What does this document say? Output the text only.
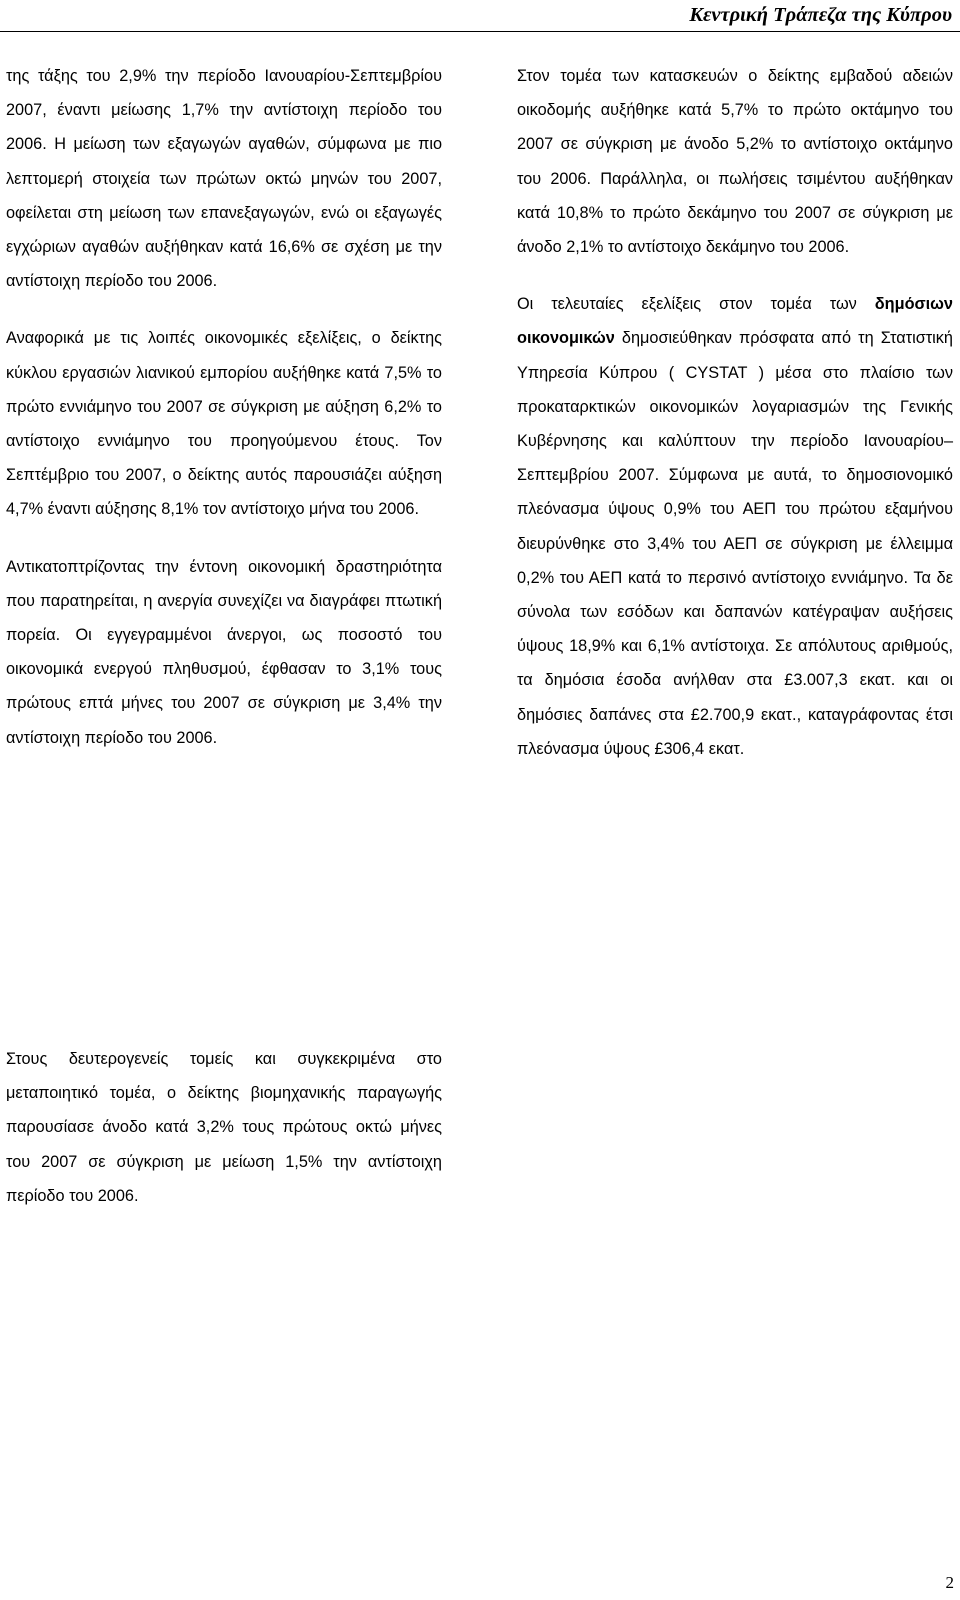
Κεντρική Τράπεζα της Κύπρου

της τάξης του 2,9% την περίοδο Ιανουαρίου-Σεπτεμβρίου 2007, έναντι μείωσης 1,7% την αντίστοιχη περίοδο του 2006. Η μείωση των εξαγωγών αγαθών, σύμφωνα με πιο λεπτομερή στοιχεία των πρώτων οκτώ μηνών του 2007, οφείλεται στη μείωση των επανεξαγωγών, ενώ οι εξαγωγές εγχώριων αγαθών αυξήθηκαν κατά 16,6% σε σχέση με την αντίστοιχη περίοδο του 2006.

Αναφορικά με τις λοιπές οικονομικές εξελίξεις, ο δείκτης κύκλου εργασιών λιανικού εμπορίου αυξήθηκε κατά 7,5% το πρώτο εννιάμηνο του 2007 σε σύγκριση με αύξηση 6,2% το αντίστοιχο εννιάμηνο του προηγούμενου έτους. Τον Σεπτέμβριο του 2007, ο δείκτης αυτός παρουσιάζει αύξηση 4,7% έναντι αύξησης 8,1% τον αντίστοιχο μήνα του 2006.

Αντικατοπτρίζοντας την έντονη οικονομική δραστηριότητα που παρατηρείται, η ανεργία συνεχίζει να διαγράφει πτωτική πορεία. Οι εγγεγραμμένοι άνεργοι, ως ποσοστό του οικονομικά ενεργού πληθυσμού, έφθασαν το 3,1% τους πρώτους επτά μήνες του 2007 σε σύγκριση με 3,4% την αντίστοιχη περίοδο του 2006.

Στον τομέα των κατασκευών ο δείκτης εμβαδού αδειών οικοδομής αυξήθηκε κατά 5,7% το πρώτο οκτάμηνο του 2007 σε σύγκριση με άνοδο 5,2% το αντίστοιχο οκτάμηνο του 2006. Παράλληλα, οι πωλήσεις τσιμέντου αυξήθηκαν κατά 10,8% το πρώτο δεκάμηνο του 2007 σε σύγκριση με άνοδο 2,1% το αντίστοιχο δεκάμηνο του 2006.

Οι τελευταίες εξελίξεις στον τομέα των δημόσιων οικονομικών δημοσιεύθηκαν πρόσφατα από τη Στατιστική Υπηρεσία Κύπρου ( CYSTAT ) μέσα στο πλαίσιο των προκαταρκτικών οικονομικών λογαριασμών της Γενικής Κυβέρνησης και καλύπτουν την περίοδο Ιανουαρίου–Σεπτεμβρίου 2007. Σύμφωνα με αυτά, το δημοσιονομικό πλεόνασμα ύψους 0,9% του ΑΕΠ του πρώτου εξαμήνου διευρύνθηκε στο 3,4% του ΑΕΠ σε σύγκριση με έλλειμμα 0,2% του ΑΕΠ κατά το περσινό αντίστοιχο εννιάμηνο. Τα δε σύνολα των εσόδων και δαπανών κατέγραψαν αυξήσεις ύψους 18,9% και 6,1% αντίστοιχα. Σε απόλυτους αριθμούς, τα δημόσια έσοδα ανήλθαν στα £3.007,3 εκατ. και οι δημόσιες δαπάνες στα £2.700,9 εκατ., καταγράφοντας έτσι πλεόνασμα ύψους £306,4 εκατ.

Στους δευτερογενείς τομείς και συγκεκριμένα στο μεταποιητικό τομέα, ο δείκτης βιομηχανικής παραγωγής παρουσίασε άνοδο κατά 3,2% τους πρώτους οκτώ μήνες του 2007 σε σύγκριση με μείωση 1,5% την αντίστοιχη περίοδο του 2006.

2
